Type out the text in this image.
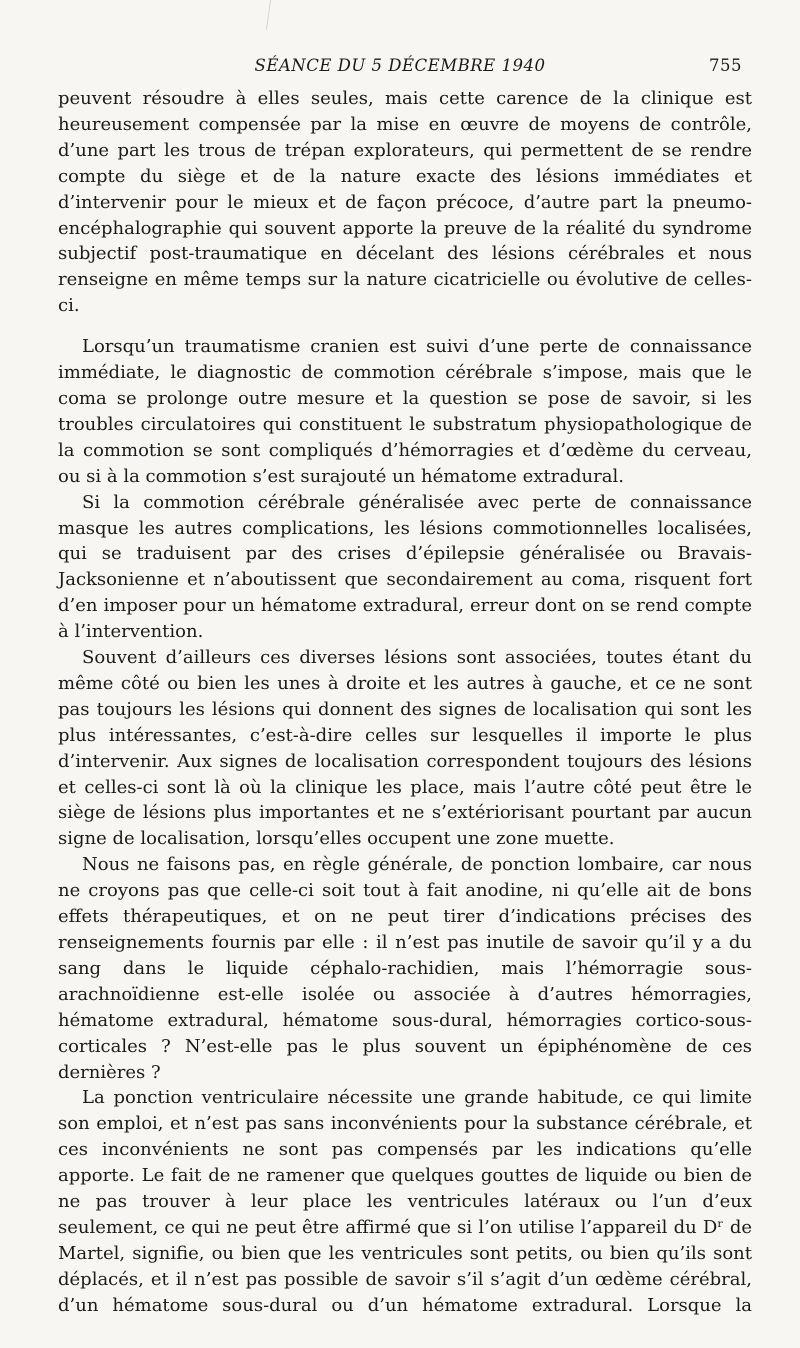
SÉANCE DU 5 DÉCEMBRE 1940	755

peuvent résoudre à elles seules, mais cette carence de la clinique est heureusement compensée par la mise en œuvre de moyens de contrôle, d’une part les trous de trépan explorateurs, qui permettent de se rendre compte du siège et de la nature exacte des lésions immédiates et d’intervenir pour le mieux et de façon précoce, d’autre part la pneumo-encéphalographie qui souvent apporte la preuve de la réalité du syndrome subjectif post-traumatique en décelant des lésions cérébrales et nous renseigne en même temps sur la nature cicatricielle ou évolutive de celles-ci.

Lorsqu’un traumatisme cranien est suivi d’une perte de connaissance immédiate, le diagnostic de commotion cérébrale s’impose, mais que le coma se prolonge outre mesure et la question se pose de savoir, si les troubles circulatoires qui constituent le substratum physiopathologique de la commotion se sont compliqués d’hémorragies et d’œdème du cerveau, ou si à la commotion s’est surajouté un hématome extradural.

Si la commotion cérébrale généralisée avec perte de connaissance masque les autres complications, les lésions commotionnelles localisées, qui se traduisent par des crises d’épilepsie généralisée ou Bravais-Jacksonienne et n’aboutissent que secondairement au coma, risquent fort d’en imposer pour un hématome extradural, erreur dont on se rend compte à l’intervention.

Souvent d’ailleurs ces diverses lésions sont associées, toutes étant du même côté ou bien les unes à droite et les autres à gauche, et ce ne sont pas toujours les lésions qui donnent des signes de localisation qui sont les plus intéressantes, c’est-à-dire celles sur lesquelles il importe le plus d’intervenir. Aux signes de localisation correspondent toujours des lésions et celles-ci sont là où la clinique les place, mais l’autre côté peut être le siège de lésions plus importantes et ne s’extériorisant pourtant par aucun signe de localisation, lorsqu’elles occupent une zone muette.

Nous ne faisons pas, en règle générale, de ponction lombaire, car nous ne croyons pas que celle-ci soit tout à fait anodine, ni qu’elle ait de bons effets thérapeutiques, et on ne peut tirer d’indications précises des renseignements fournis par elle : il n’est pas inutile de savoir qu’il y a du sang dans le liquide céphalo-rachidien, mais l’hémorragie sous-arachnoïdienne est-elle isolée ou associée à d’autres hémorragies, hématome extradural, hématome sous-dural, hémorragies cortico-sous-corticales ? N’est-elle pas le plus souvent un épiphénomène de ces dernières ?

La ponction ventriculaire nécessite une grande habitude, ce qui limite son emploi, et n’est pas sans inconvénients pour la substance cérébrale, et ces inconvénients ne sont pas compensés par les indications qu’elle apporte. Le fait de ne ramener que quelques gouttes de liquide ou bien de ne pas trouver à leur place les ventricules latéraux ou l’un d’eux seulement, ce qui ne peut être affirmé que si l’on utilise l’appareil du Dʳ de Martel, signifie, ou bien que les ventricules sont petits, ou bien qu’ils sont déplacés, et il n’est pas possible de savoir s’il s’agit d’un œdème cérébral, d’un hématome sous-dural ou d’un hématome extradural. Lorsque la
